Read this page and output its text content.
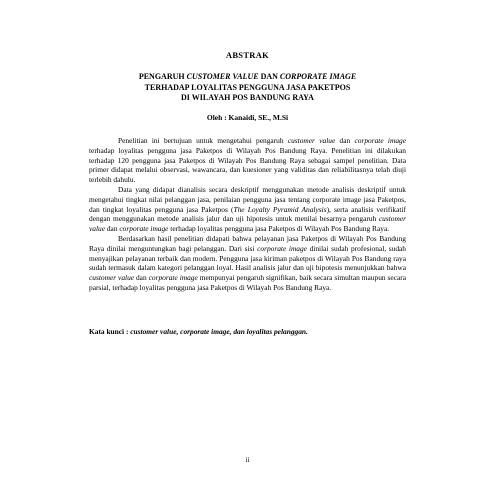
ABSTRAK
PENGARUH CUSTOMER VALUE DAN CORPORATE IMAGE
TERHADAP LOYALITAS PENGGUNA JASA PAKETPOS
DI WILAYAH POS BANDUNG RAYA
Oleh : Kanaidi, SE., M.Si

Penelitian ini bertujuan untuk mengetahui pengaruh customer value dan corporate image terhadap loyalitas pengguna jasa Paketpos di Wilayah Pos Bandung Raya. Penelitian ini dilakukan terhadap 120 pengguna jasa Paketpos di Wilayah Pos Bandung Raya sebagai sampel penelitian. Data primer didapat melalui observasi, wawancara, dan kuesioner yang validitas dan reliabilitasnya telah diuji terlebih dahulu.

Data yang didapat dianalisis secara deskriptif menggunakan metode analisis deskriptif untuk mengetahui tingkat nilai pelanggan jasa, penilaian pengguna jasa tentang corporate image jasa Paketpos, dan tingkat loyalitas pengguna jasa Paketpos (The Loyalty Pyramid Analysis), serta analisis verifikatif dengan menggunakan metode analisis jalur dan uji hipotesis untuk menilai besarnya pengaruh customer value dan corporate image terhadap loyalitas pengguna jasa Paketpos di Wilayah Pos Bandung Raya.

Berdasarkan hasil penelitian didapati bahwa pelayanan jasa Paketpos di Wilayah Pos Bandung Raya dinilai menguntungkan bagi pelanggan. Dari sisi corporate image dinilai sudah profesional, sudah menyajikan pelayanan terbaik dan modern. Pengguna jasa kiriman paketpos di Wilayah Pos Bandung raya sudah termasuk dalam kategori pelanggan loyal. Hasil analisis jalur dan uji hipotesis menunjukkan bahwa customer value dan corporate image mempunyai pengaruh signifikan, baik secara simultan maupun secara parsial, terhadap loyalitas pengguna jasa Paketpos di Wilayah Pos Bandung Raya.

Kata kunci : customer value, corporate image, dan loyalitas pelanggan.
ii
